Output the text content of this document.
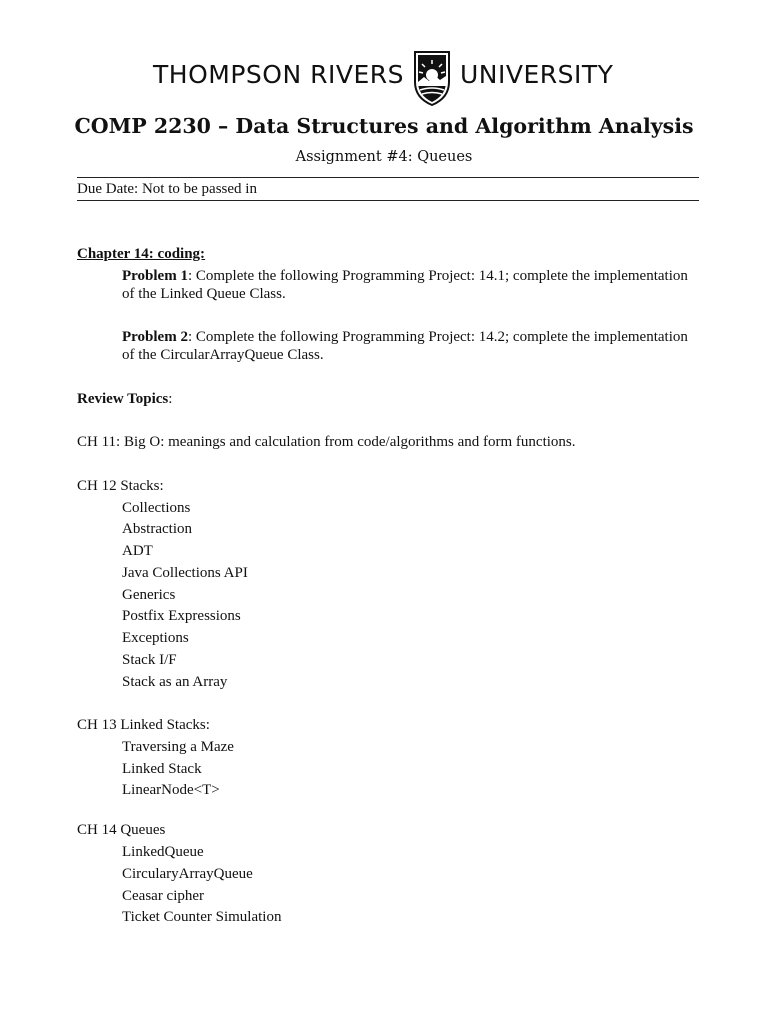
THOMPSON RIVERS UNIVERSITY
COMP 2230 – Data Structures and Algorithm Analysis
Assignment #4: Queues
Due Date: Not to be passed in
Chapter 14: coding:
Problem 1: Complete the following Programming Project: 14.1; complete the implementation of the Linked Queue Class.
Problem 2: Complete the following Programming Project: 14.2; complete the implementation of the CircularArrayQueue Class.
Review Topics:
CH 11: Big O: meanings and calculation from code/algorithms and form functions.
CH 12 Stacks:
Collections
Abstraction
ADT
Java Collections API
Generics
Postfix Expressions
Exceptions
Stack I/F
Stack as an Array
CH 13 Linked Stacks:
Traversing a Maze
Linked Stack
LinearNode<T>
CH 14 Queues
LinkedQueue
CircularyArrayQueue
Ceasar cipher
Ticket Counter Simulation
